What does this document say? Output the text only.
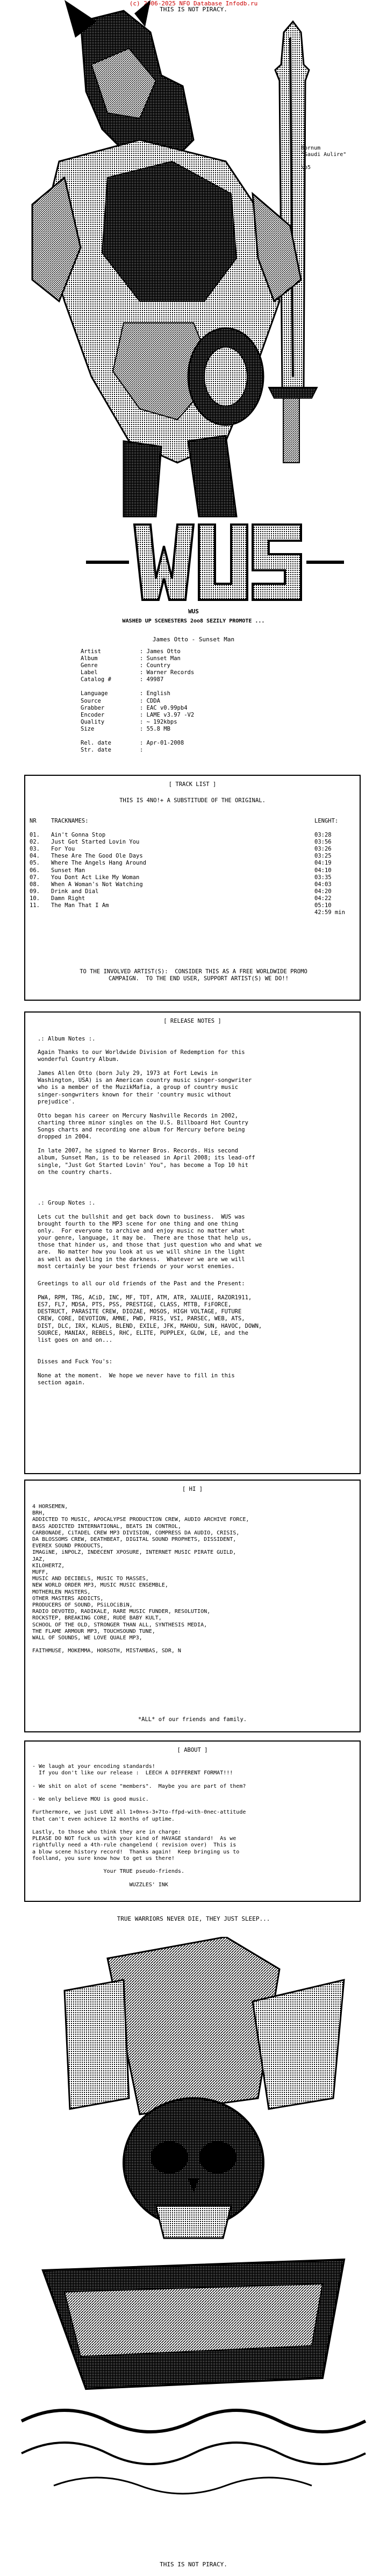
(c) 2006-2025 NFO Database Infodb.ru
THIS IS NOT PIRACY.
Bornum
"Saudi Aulire"

\o5
WUS
WASHED UP SCENESTERS 2oo8 SEZILY PROMOTE ...
James Otto - Sunset Man
Artist	: James Otto
Album	: Sunset Man
Genre	: Country
Label	: Warner Records
Catalog #	: 49987
Language	: English
Source	: CDDA
Grabber	: EAC v0.99pb4
Encoder	: LAME v3.97 -V2
Quality	: ~ 192kbps
Size	: 55.8 MB
Rel. date	: Apr-01-2008
Str. date	:
[ TRACK LIST ]
THIS IS 4NO!+ A SUBSTITUDE OF THE ORIGINAL.
NR	TRACKNAMES:	LENGHT:
01.	Ain't Gonna Stop	03:28
02.	Just Got Started Lovin You	03:56
03.	For You	03:26
04.	These Are The Good Ole Days	03:25
05.	Where The Angels Hang Around	04:19
06.	Sunset Man	04:10
07.	You Dont Act Like My Woman	03:35
08.	When A Woman's Not Watching	04:03
09.	Drink and Dial	04:20
10.	Damn Right	04:22
11.	The Man That I Am	05:10
42:59 min
TO THE INVOLVED ARTIST(S):  CONSIDER THIS AS A FREE WORLDWIDE PROMO
CAMPAIGN.  TO THE END USER, SUPPORT ARTIST(S) WE DO!!
[ RELEASE NOTES ]
.: Album Notes :.
Again Thanks to our Worldwide Division of Redemption for this
wonderful Country Album.

James Allen Otto (born July 29, 1973 at Fort Lewis in
Washington, USA) is an American country music singer-songwriter
who is a member of the MuzikMafia, a group of country music
singer-songwriters known for their 'country music without
prejudice'.

Otto began his career on Mercury Nashville Records in 2002,
charting three minor singles on the U.S. Billboard Hot Country
Songs charts and recording one album for Mercury before being
dropped in 2004.

In late 2007, he signed to Warner Bros. Records. His second
album, Sunset Man, is to be released in April 2008; its lead-off
single, "Just Got Started Lovin' You", has become a Top 10 hit
on the country charts.
.: Group Notes :.
Lets cut the bullshit and get back down to business.  WUS was
brought fourth to the MP3 scene for one thing and one thing
only.  For everyone to archive and enjoy music no matter what
your genre, language, it may be.  There are those that help us,
those that hinder us, and those that just question who and what we
are.  No matter how you look at us we will shine in the light
as well as dwelling in the darkness.  Whatever we are we will
most certainly be your best friends or your worst enemies.
Greetings to all our old friends of the Past and the Present:

PWA, RPM, TRG, ACiD, INC, MF, TDT, ATM, ATR, XALUIE, RAZOR1911,
ES7, FL7, MDSA, PTS, PSS, PRESTIGE, CLASS, MTTB, FiFORCE,
DESTRUCT, PARASITE CREW, DIOZAE, MOSOS, HIGH VOLTAGE, FUTURE
CREW, CORE, DEVOTION, AMNE, PWD, FRIS, VSI, PARSEC, WEB, ATS,
DIST, DLC, IRX, KLAUS, BLEND, EXILE, JFK, MAHOU, SUN, HAVOC, DOWN,
SOURCE, MANIAX, REBELS, RHC, ELITE, PUPPLEX, GLOW, LE, and the
list goes on and on...
Disses and Fuck You's:

None at the moment.  We hope we never have to fill in this
section again.
[ HI ]
4 HORSEMEN,
BRH,
ADDICTED TO MUSIC, APOCALYPSE PRODUCTION CREW, AUDIO ARCHIVE FORCE,
BASS ADDICTED INTERNATIONAL, BEATS IN CONTROL,
CARBONADE, CiTADEL CREW MP3 DIVISION, COMPRESS DA AUDIO, CRISIS,
DA BLOSSOMS CREW, DEATHBEAT, DIGITAL SOUND PROPHETS, DISSIDENT,
EVEREX SOUND PRODUCTS,
IMAGiNE, iNPOLZ, INDECENT XPOSURE, INTERNET MUSIC PIRATE GUILD,
JAZ,
KILOHERTZ,
MUFF,
MUSIC AND DECIBELS, MUSIC TO MASSES,
NEW WORLD ORDER MP3, MUSIC MUSIC ENSEMBLE,
MOTHERLEN MASTERS,
OTHER MASTERS ADDICTS,
PRODUCERS OF SOUND, PSiLOCiBiN,
RADIO DEVOTED, RADIKALE, RARE MUSIC FUNDER, RESOLUTION,
ROCKSTEP, BREAKING CORE, RUDE BABY KULT,
SCHOOL OF THE OLD, STRONGER THAN ALL, SYNTHESIS MEDIA,
THE FLAME ARMOUR MP3, TOUCHSOUND TUNE,
WALL OF SOUNDS, WE LOVE QUALE MP3,

FAITHMUSE, MOKEMMA, HORSOTH, MISTAMBAS, SDR, N
*ALL* of our friends and family.
[ ABOUT ]
- We laugh at your encoding standards!
If you don't like our release :  LEECH A DIFFERENT FORMAT!!!

- We shit on alot of scene "members".  Maybe you are part of them?

- We only believe MOU is good music.

Furthermore, we just LOVE all 1+0n+s-3+7to-ffpd-with-0nec-attitude
that can't even achieve 12 months of uptime.

Lastly, to those who think they are in charge:
PLEASE DO NOT fuck us with your kind of HAVAGE standard!  As we
rightfully need a 4th-rule changelend ( revision over)  This is
a blow scene history record!  Thanks again!  Keep bringing us to
foolland, you sure know how to get us there!

Your TRUE pseudo-friends.

WUZZLES' INK
TRUE WARRIORS NEVER DIE, THEY JUST SLEEP...
THIS IS NOT PIRACY.
